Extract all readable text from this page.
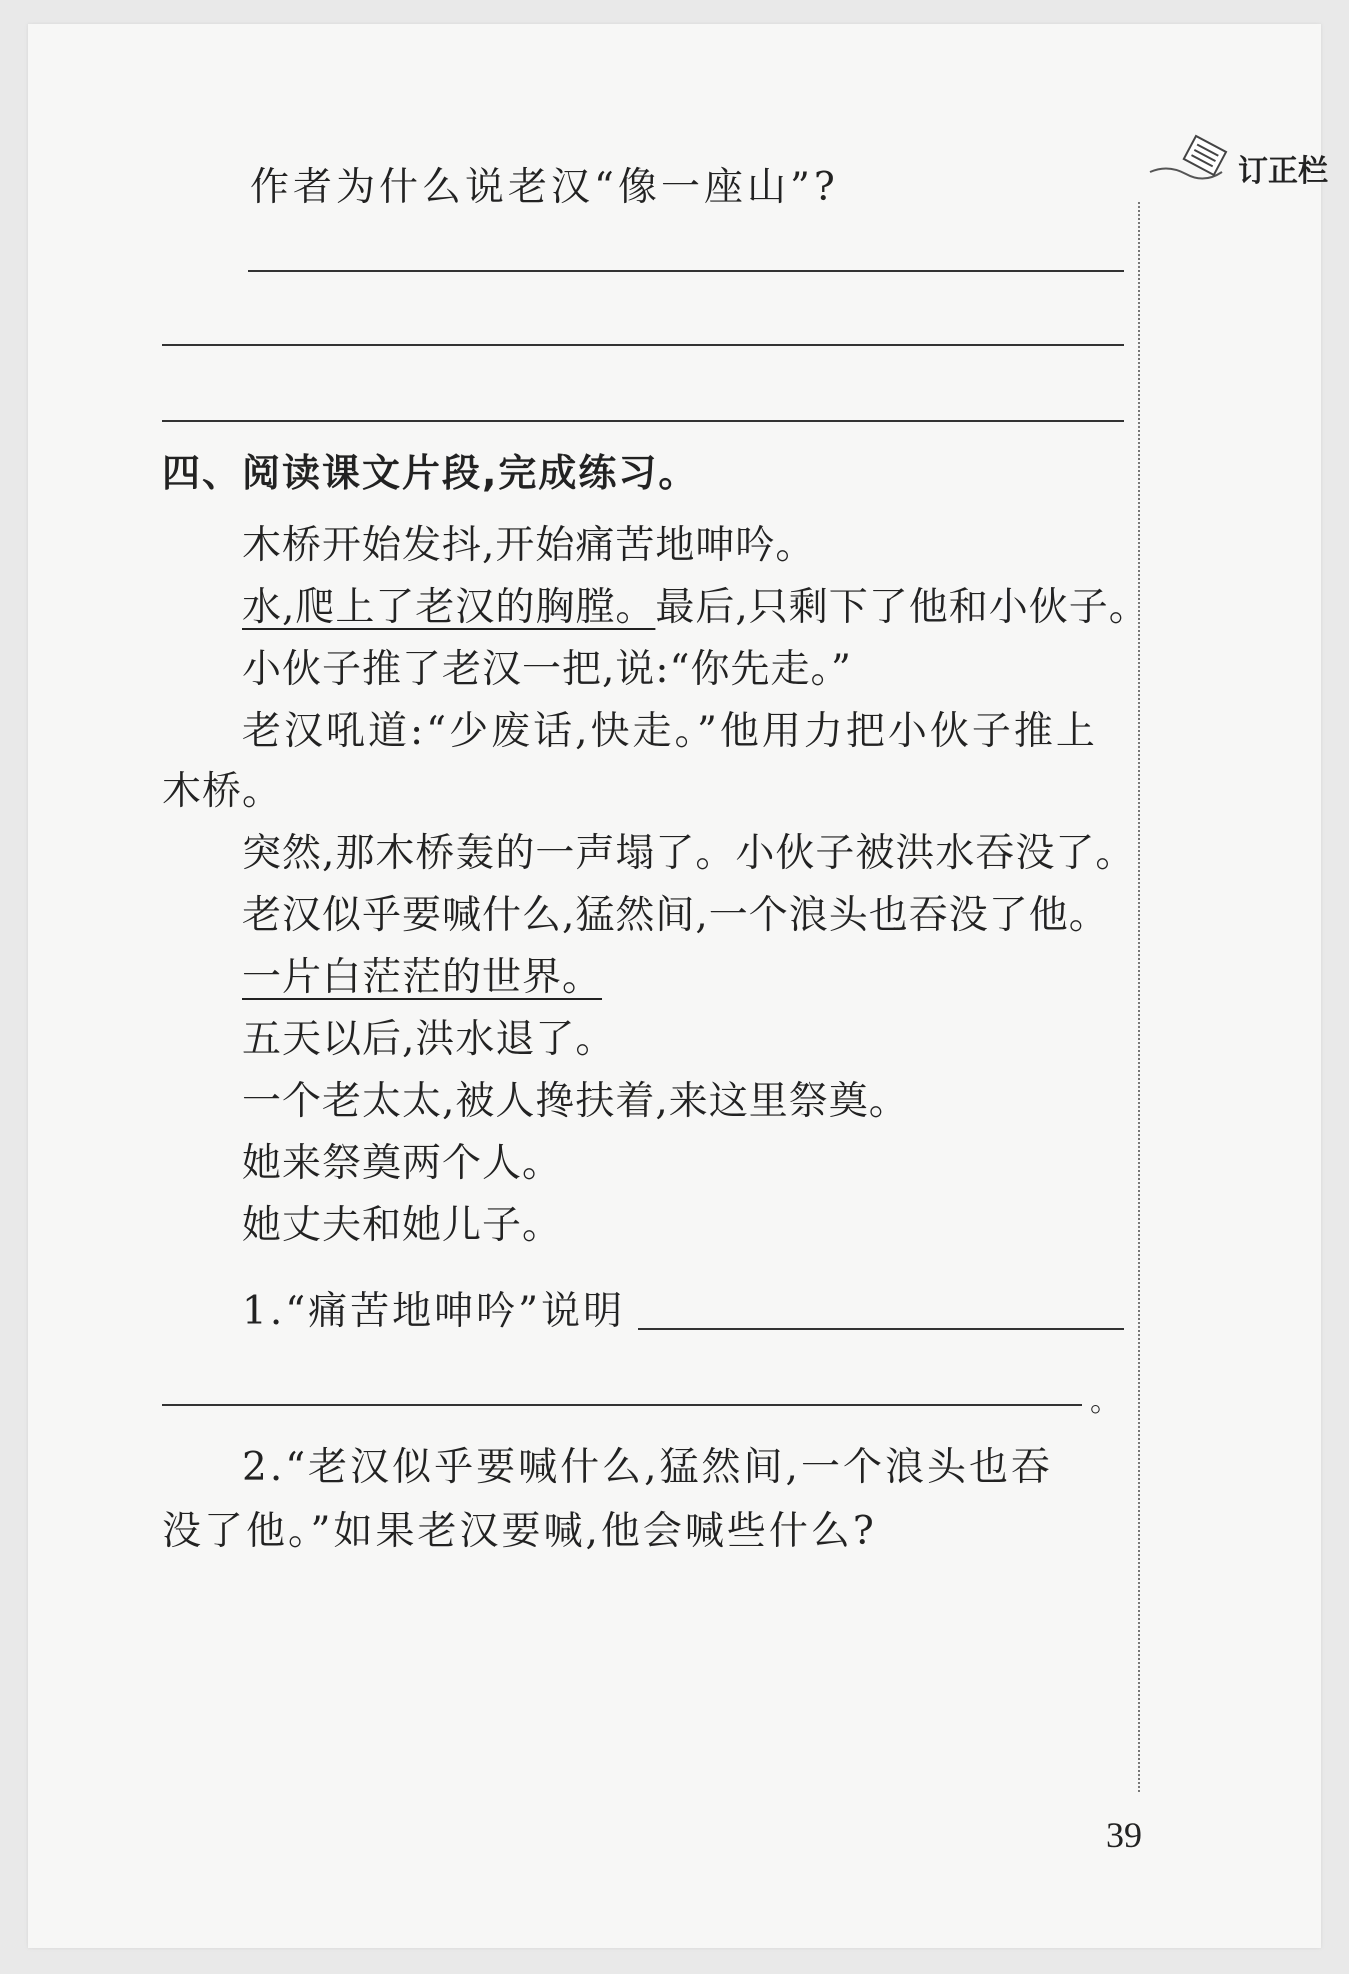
订正栏
作者为什么说老汉“像一座山”?
四、阅读课文片段,完成练习。
木桥开始发抖,开始痛苦地呻吟。
水,爬上了老汉的胸膛。最后,只剩下了他和小伙子。
小伙子推了老汉一把,说:“你先走。”
老汉吼道:“少废话,快走。”他用力把小伙子推上
木桥。
突然,那木桥轰的一声塌了。小伙子被洪水吞没了。
老汉似乎要喊什么,猛然间,一个浪头也吞没了他。
一片白茫茫的世界。
五天以后,洪水退了。
一个老太太,被人搀扶着,来这里祭奠。
她来祭奠两个人。
她丈夫和她儿子。
1.“痛苦地呻吟”说明
。
2.“老汉似乎要喊什么,猛然间,一个浪头也吞
没了他。”如果老汉要喊,他会喊些什么?
39
